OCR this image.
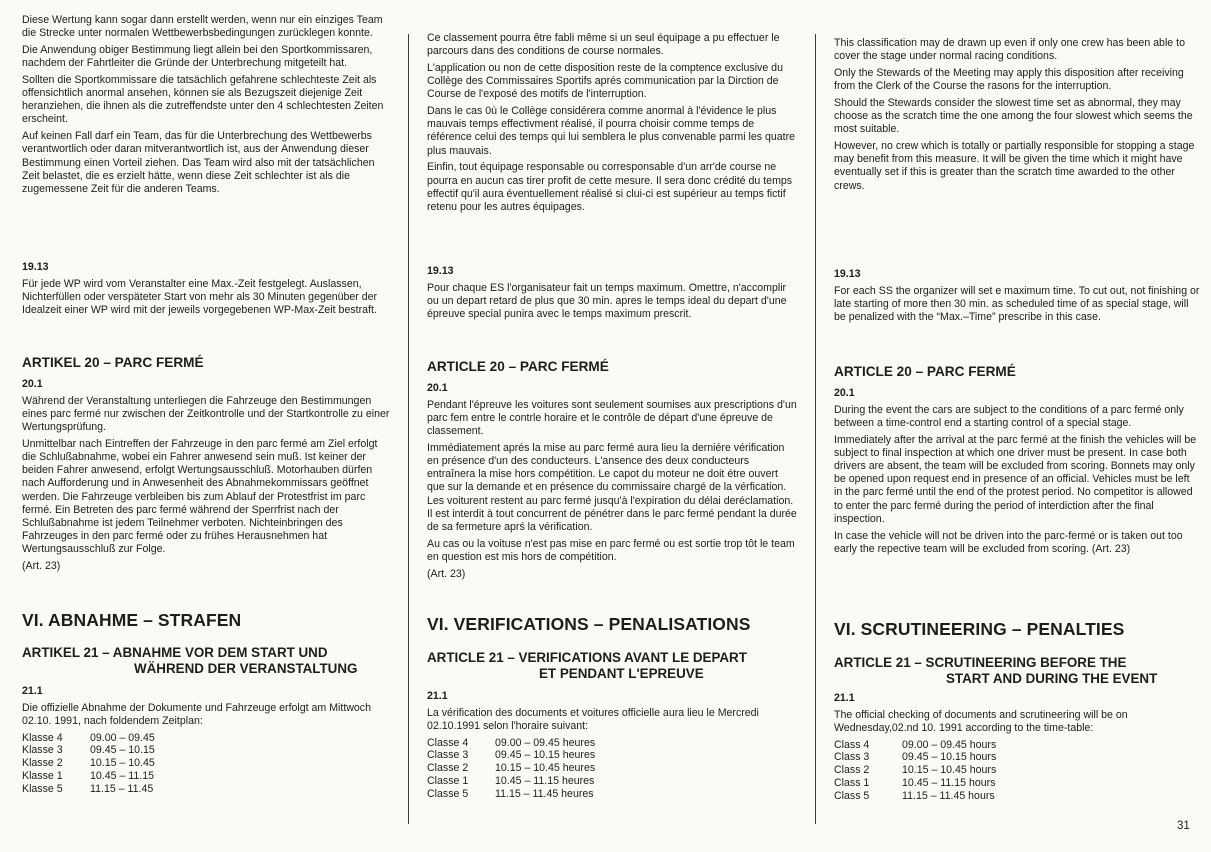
Diese Wertung kann sogar dann erstellt werden, wenn nur ein einziges Team die Strecke unter normalen Wettbewerbsbedingungen zurücklegen konnte.

Die Anwendung obiger Bestimmung liegt allein bei den Sportkommissaren, nachdem der Fahrtleiter die Gründe der Unterbrechung mitgeteilt hat.

Sollten die Sportkommissare die tatsächlich gefahrene schlechteste Zeit als offensichtlich anormal ansehen, können sie als Bezugszeit diejenige Zeit heranziehen, die ihnen als die zutreffendste unter den 4 schlechtesten Zeiten erscheint.

Auf keinen Fall darf ein Team, das für die Unterbrechung des Wettbewerbs verantwortlich oder daran mitverantwortlich ist, aus der Anwendung dieser Bestimmung einen Vorteil ziehen. Das Team wird also mit der tatsächlichen Zeit belastet, die es erzielt hätte, wenn diese Zeit schlechter ist als die zugemessene Zeit für die anderen Teams.

19.13

Für jede WP wird vom Veranstalter eine Max.-Zeit festgelegt. Auslassen, Nichterfüllen oder verspäteter Start von mehr als 30 Minuten gegenüber der Idealzeit einer WP wird mit der jeweils vorgegebenen WP-Max-Zeit bestraft.

ARTIKEL 20 – PARC FERMÉ

20.1

Während der Veranstaltung unterliegen die Fahrzeuge den Bestimmungen eines parc fermé nur zwischen der Zeitkontrolle und der Startkontrolle zu einer Wertungsprüfung.

Unmittelbar nach Eintreffen der Fahrzeuge in den parc fermé am Ziel erfolgt die Schlußabnahme, wobei ein Fahrer anwesend sein muß. Ist keiner der beiden Fahrer anwesend, erfolgt Wertungsausschluß. Motorhauben dürfen nach Aufforderung und in Anwesenheit des Abnahmekommissars geöffnet werden. Die Fahrzeuge verbleiben bis zum Ablauf der Protestfrist im parc fermé. Ein Betreten des parc fermé während der Sperrfrist nach der Schlußabnahme ist jedem Teilnehmer verboten. Nichteinbringen des Fahrzeuges in den parc fermé oder zu frühes Herausnehmen hat Wertungsausschluß zur Folge.

(Art. 23)

VI. ABNAHME – STRAFEN

ARTIKEL 21 – ABNAHME VOR DEM START UND
WÄHREND DER VERANSTALTUNG

21.1

Die offizielle Abnahme der Dokumente und Fahrzeuge erfolgt am Mittwoch 02.10. 1991, nach foldendem Zeitplan:

Klasse 4	09.00 – 09.45
Klasse 3	09.45 – 10.15
Klasse 2	10.15 – 10.45
Klasse 1	10.45 – 11.15
Klasse 5	11.15 – 11.45

Ce classement pourra être fabli même si un seul équipage a pu effectuer le parcours dans des conditions de course normales.

L'application ou non de cette disposition reste de la comptence exclusive du Collège des Commissaires Sportifs aprés communication par la Dirction de Course de l'exposé des motifs de l'interruption.

Dans le cas 0ù le Collège considérera comme anormal à l'évidence le plus mauvais temps effectivment réalisé, il pourra choisir comme temps de référence celui des temps qui lui semblera le plus convenable parmi les quatre plus mauvais.

Einfin, tout équipage responsable ou corresponsable d'un arr'de course ne pourra en aucun cas tirer profit de cette mesure. Il sera donc crédité du temps effectif qu'il aura éventuellement réalisé si clui-ci est supérieur au temps fictif retenu pour les autres équipages.

19.13

Pour chaque ES l'organisateur fait un temps maximum. Omettre, n'accomplir ou un depart retard de plus que 30 min. apres le temps ideal du depart d'une épreuve special punira avec le temps maximum prescrit.

ARTICLE 20 – PARC FERMÉ

20.1

Pendant l'épreuve les voitures sont seulement soumises aux prescriptions d'un parc fem entre le contrle horaire et le contrôle de départ d'une épreuve de classement.

Immédiatement aprés la mise au parc fermé aura lieu la derniére vérification en présence d'un des conducteurs. L'ansence des deux conducteurs entraînera la mise hors compétition. Le capot du moteur ne doit étre ouvert que sur la demande et en présence du commissaire chargé de la vérfication. Les voiturent restent au parc fermé jusqu'à l'expiration du délai deréclamation. Il est interdit à tout concurrent de pénétrer dans le parc fermé pendant la durée de sa fermeture aprś la vérification.

Au cas ou la voituse n'est pas mise en parc fermé ou est sortie trop tôt le team en question est mis hors de compétition.

(Art. 23)

VI. VERIFICATIONS – PENALISATIONS

ARTICLE 21 – VERIFICATIONS AVANT LE DEPART
ET PENDANT L'EPREUVE

21.1

La vérification des documents et voitures officielle aura lieu le Mercredi 02.10.1991 selon l'horaire suivant:

Classe 4	09.00 – 09.45 heures
Classe 3	09.45 – 10.15 heures
Classe 2	10.15 – 10.45 heures
Classe 1	10.45 – 11.15 heures
Classe 5	11.15 – 11.45 heures

This classification may de drawn up even if only one crew has been able to cover the stage under normal racing conditions.

Only the Stewards of the Meeting may apply this disposition after receiving from the Clerk of the Course the rasons for the interruption.

Should the Stewards consider the slowest time set as abnormal, they may choose as the scratch time the one among the four slowest which seems the most suitable.

However, no crew which is totally or partially responsible for stopping a stage may benefit from this measure. It will be given the time which it might have eventually set if this is greater than the scratch time awarded to the other crews.

19.13

For each SS the organizer will set e maximum time. To cut out, not finishing or late starting of more then 30 min. as scheduled time of as special stage, will be penalized with the “Max.–Time” prescribe in this case.

ARTICLE 20 – PARC FERMÉ

20.1

During the event the cars are subject to the conditions of a parc fermé only between a time-control end a starting control of a special stage.

Immediately after the arrival at the parc fermé at the finish the vehicles will be subject to final inspection at which one driver must be present. In case both drivers are absent, the team will be excluded from scoring. Bonnets may only be opened upon request end in presence of an official. Vehicles must be left in the parc fermé until the end of the protest period. No competitor is allowed to enter the parc fermé during the period of interdiction after the final inspection.

In case the vehicle will not be driven into the parc-fermé or is taken out too early the repective team will be excluded from scoring. (Art. 23)

VI. SCRUTINEERING – PENALTIES

ARTICLE 21 – SCRUTINEERING BEFORE THE
START AND DURING THE EVENT

21.1

The official checking of documents and scrutineering will be on Wednesday,02.nd 10. 1991 according to the time-table:

Class 4	09.00 – 09.45 hours
Class 3	09.45 – 10.15 hours
Class 2	10.15 – 10.45 hours
Class 1	10.45 – 11.15 hours
Class 5	11.15 – 11.45 hours
31
